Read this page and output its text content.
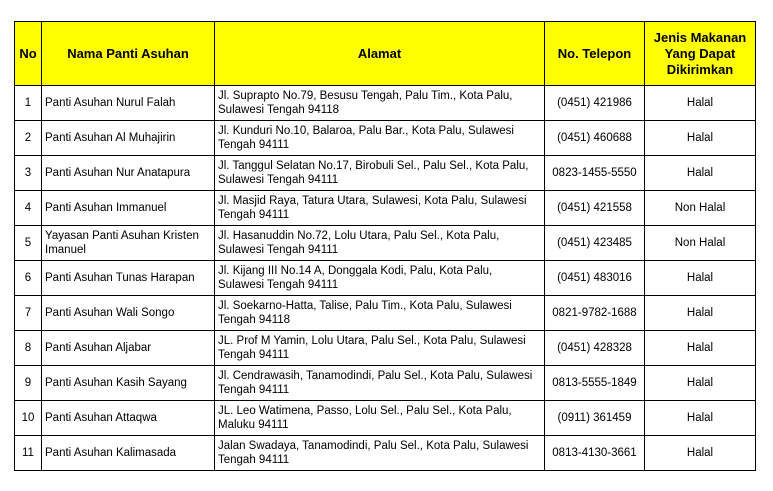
No	Nama Panti Asuhan	Alamat	No. Telepon	Jenis Makanan Yang Dapat Dikirimkan
1	Panti Asuhan Nurul Falah	Jl. Suprapto No.79, Besusu Tengah, Palu Tim., Kota Palu, Sulawesi Tengah 94118	(0451) 421986	Halal
2	Panti Asuhan Al Muhajirin	Jl. Kunduri No.10, Balaroa, Palu Bar., Kota Palu, Sulawesi Tengah 94111	(0451) 460688	Halal
3	Panti Asuhan Nur Anatapura	Jl. Tanggul Selatan No.17, Birobuli Sel., Palu Sel., Kota Palu, Sulawesi Tengah 94111	0823-1455-5550	Halal
4	Panti Asuhan Immanuel	Jl. Masjid Raya, Tatura Utara, Sulawesi, Kota Palu, Sulawesi Tengah 94111	(0451) 421558	Non Halal
5	Yayasan Panti Asuhan Kristen Imanuel	Jl. Hasanuddin No.72, Lolu Utara, Palu Sel., Kota Palu, Sulawesi Tengah 94111	(0451) 423485	Non Halal
6	Panti Asuhan Tunas Harapan	Jl. Kijang III No.14 A, Donggala Kodi, Palu, Kota Palu, Sulawesi Tengah 94111	(0451) 483016	Halal
7	Panti Asuhan Wali Songo	Jl. Soekarno-Hatta, Talise, Palu Tim., Kota Palu, Sulawesi Tengah 94118	0821-9782-1688	Halal
8	Panti Asuhan Aljabar	JL. Prof M Yamin, Lolu Utara, Palu Sel., Kota Palu, Sulawesi Tengah 94111	(0451) 428328	Halal
9	Panti Asuhan Kasih Sayang	Jl. Cendrawasih, Tanamodindi, Palu Sel., Kota Palu, Sulawesi Tengah 94111	0813-5555-1849	Halal
10	Panti Asuhan Attaqwa	JL. Leo Watimena, Passo, Lolu Sel., Palu Sel., Kota Palu, Maluku 94111	(0911) 361459	Halal
11	Panti Asuhan Kalimasada	Jalan Swadaya, Tanamodindi, Palu Sel., Kota Palu, Sulawesi Tengah 94111	0813-4130-3661	Halal
